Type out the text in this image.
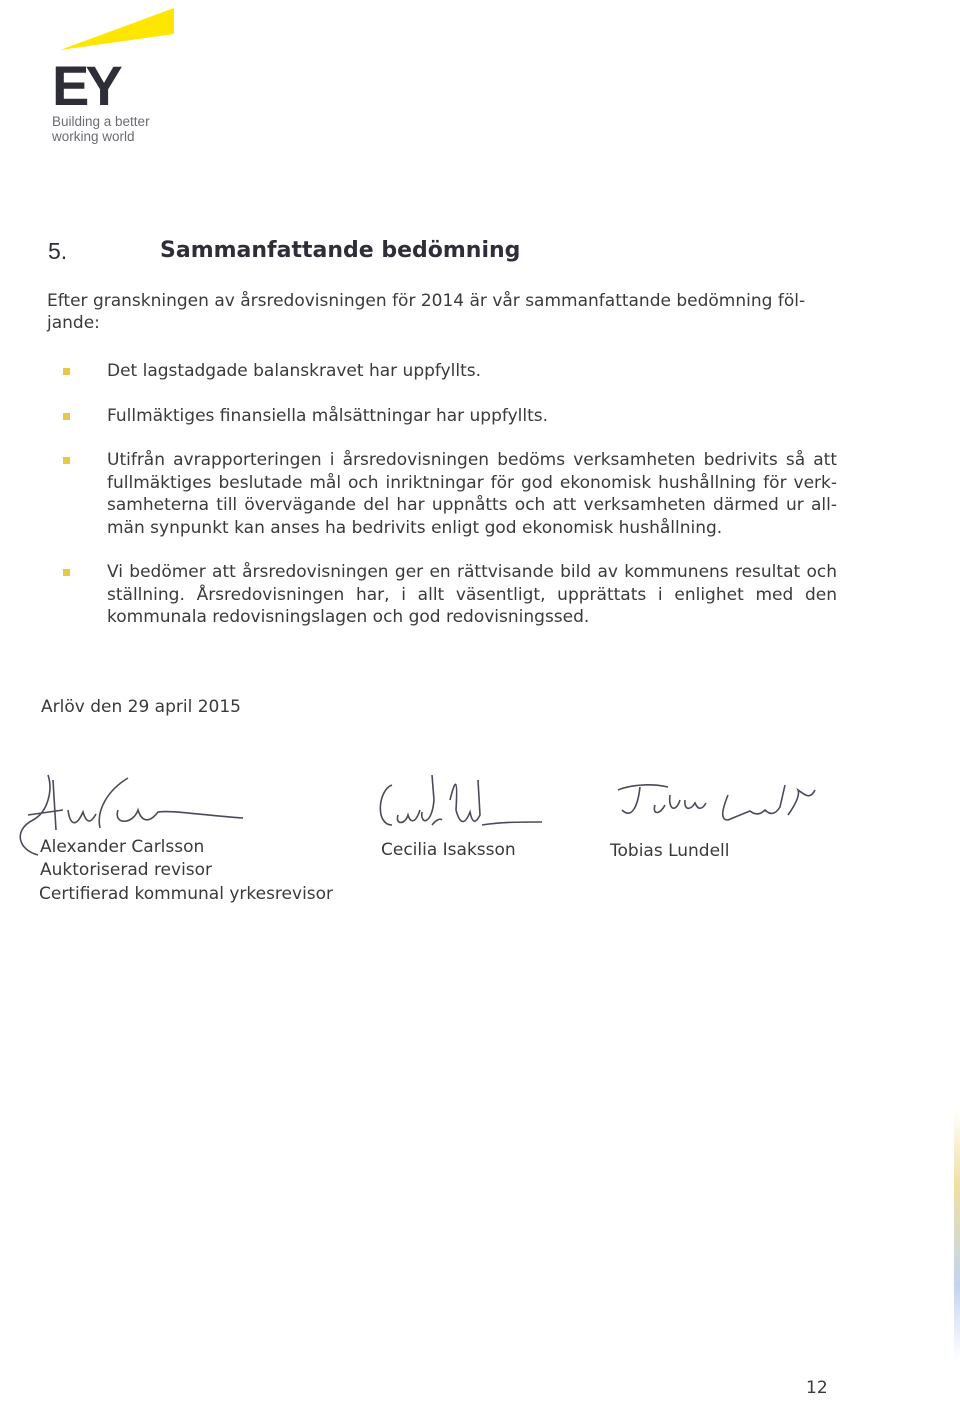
EY
Building a better
working world
5.	Sammanfattande bedömning
Efter granskningen av årsredovisningen för 2014 är vår sammanfattande bedömning föl-jande:
Det lagstadgade balanskravet har uppfyllts.
Fullmäktiges finansiella målsättningar har uppfyllts.
Utifrån avrapporteringen i årsredovisningen bedöms verksamheten bedrivits så att fullmäktiges beslutade mål och inriktningar för god ekonomisk hushållning för verk-samheterna till övervägande del har uppnåtts och att verksamheten därmed ur all-män synpunkt kan anses ha bedrivits enligt god ekonomisk hushållning.
Vi bedömer att årsredovisningen ger en rättvisande bild av kommunens resultat och ställning. Årsredovisningen har, i allt väsentligt, upprättats i enlighet med den kommunala redovisningslagen och god redovisningssed.
Arlöv den 29 april 2015
Alexander Carlsson
Auktoriserad revisor
Certifierad kommunal yrkesrevisor
Cecilia Isaksson	Tobias Lundell
12
